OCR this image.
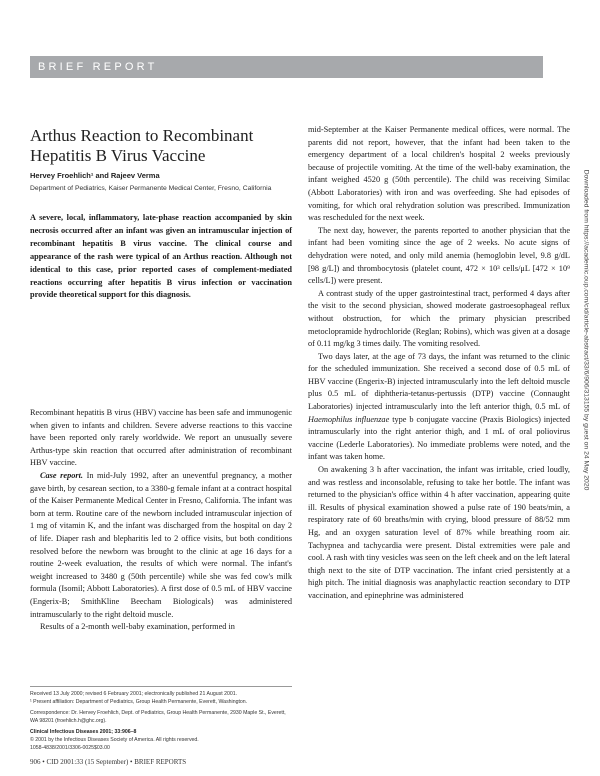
BRIEF REPORT
Arthus Reaction to Recombinant Hepatitis B Virus Vaccine
Hervey Froehlich¹ and Rajeev Verma
Department of Pediatrics, Kaiser Permanente Medical Center, Fresno, California
A severe, local, inflammatory, late-phase reaction accompanied by skin necrosis occurred after an infant was given an intramuscular injection of recombinant hepatitis B virus vaccine. The clinical course and appearance of the rash were typical of an Arthus reaction. Although not identical to this case, prior reported cases of complement-mediated reactions occurring after hepatitis B virus infection or vaccination provide theoretical support for this diagnosis.

Recombinant hepatitis B virus (HBV) vaccine has been safe and immunogenic when given to infants and children. Severe adverse reactions to this vaccine have been reported only rarely worldwide. We report an unusually severe Arthus-type skin reaction that occurred after administration of recombinant HBV vaccine.

Case report. In mid-July 1992, after an uneventful pregnancy, a mother gave birth, by cesarean section, to a 3380-g female infant at a contract hospital of the Kaiser Permanente Medical Center in Fresno, California. The infant was born at term. Routine care of the newborn included intramuscular injection of 1 mg of vitamin K, and the infant was discharged from the hospital on day 2 of life. Diaper rash and blepharitis led to 2 office visits, but both conditions resolved before the newborn was brought to the clinic at age 16 days for a routine 2-week evaluation, the results of which were normal. The infant's weight increased to 3480 g (50th percentile) while she was fed cow's milk formula (Isomil; Abbott Laboratories). A first dose of 0.5 mL of HBV vaccine (Engerix-B; SmithKline Beecham Biologicals) was administered intramuscularly to the right deltoid muscle.

Results of a 2-month well-baby examination, performed in

mid-September at the Kaiser Permanente medical offices, were normal. The parents did not report, however, that the infant had been taken to the emergency department of a local children's hospital 2 weeks previously because of projectile vomiting. At the time of the well-baby examination, the infant weighed 4520 g (50th percentile). The child was receiving Similac (Abbott Laboratories) with iron and was overfeeding. She had episodes of vomiting, for which oral rehydration solution was prescribed. Immunization was rescheduled for the next week.

The next day, however, the parents reported to another physician that the infant had been vomiting since the age of 2 weeks. No acute signs of dehydration were noted, and only mild anemia (hemoglobin level, 9.8 g/dL [98 g/L]) and thrombocytosis (platelet count, 472 × 10³ cells/μL [472 × 10⁹ cells/L]) were present.

A contrast study of the upper gastrointestinal tract, performed 4 days after the visit to the second physician, showed moderate gastroesophageal reflux without obstruction, for which the primary physician prescribed metoclopramide hydrochloride (Reglan; Robins), which was given at a dosage of 0.11 mg/kg 3 times daily. The vomiting resolved.

Two days later, at the age of 73 days, the infant was returned to the clinic for the scheduled immunization. She received a second dose of 0.5 mL of HBV vaccine (Engerix-B) injected intramuscularly into the left deltoid muscle plus 0.5 mL of diphtheria-tetanus-pertussis (DTP) vaccine (Connaught Laboratories) injected intramuscularly into the left anterior thigh, 0.5 mL of Haemophilus influenzae type b conjugate vaccine (Praxis Biologics) injected intramuscularly into the right anterior thigh, and 1 mL of oral poliovirus vaccine (Lederle Laboratories). No immediate problems were noted, and the infant was taken home.

On awakening 3 h after vaccination, the infant was irritable, cried loudly, and was restless and inconsolable, refusing to take her bottle. The infant was returned to the physician's office within 4 h after vaccination, appearing quite ill. Results of physical examination showed a pulse rate of 190 beats/min, a respiratory rate of 60 breaths/min with crying, blood pressure of 88/52 mm Hg, and an oxygen saturation level of 87% while breathing room air. Tachypnea and tachycardia were present. Distal extremities were pale and cool. A rash with tiny vesicles was seen on the left cheek and on the left lateral thigh next to the site of DTP vaccination. The infant cried persistently at a high pitch. The initial diagnosis was anaphylactic reaction secondary to DTP vaccination, and epinephrine was administered

Received 13 July 2000; revised 6 February 2001; electronically published 21 August 2001.
¹ Present affiliation: Department of Pediatrics, Group Health Permanente, Everett, Washington.
Correspondence: Dr. Hervey Froehlich, Dept. of Pediatrics, Group Health Permanente, 2930 Maple St., Everett, WA 98201 (froehlich.h@ghc.org).
Clinical Infectious Diseases 2001; 33:906–8
© 2001 by the Infectious Diseases Society of America. All rights reserved.
1058-4838/2001/3306-0025$03.00
906 • CID 2001:33 (15 September) • BRIEF REPORTS
Downloaded from https://academic.oup.com/cid/article-abstract/33/6/906/313155 by guest on 24 May 2020
